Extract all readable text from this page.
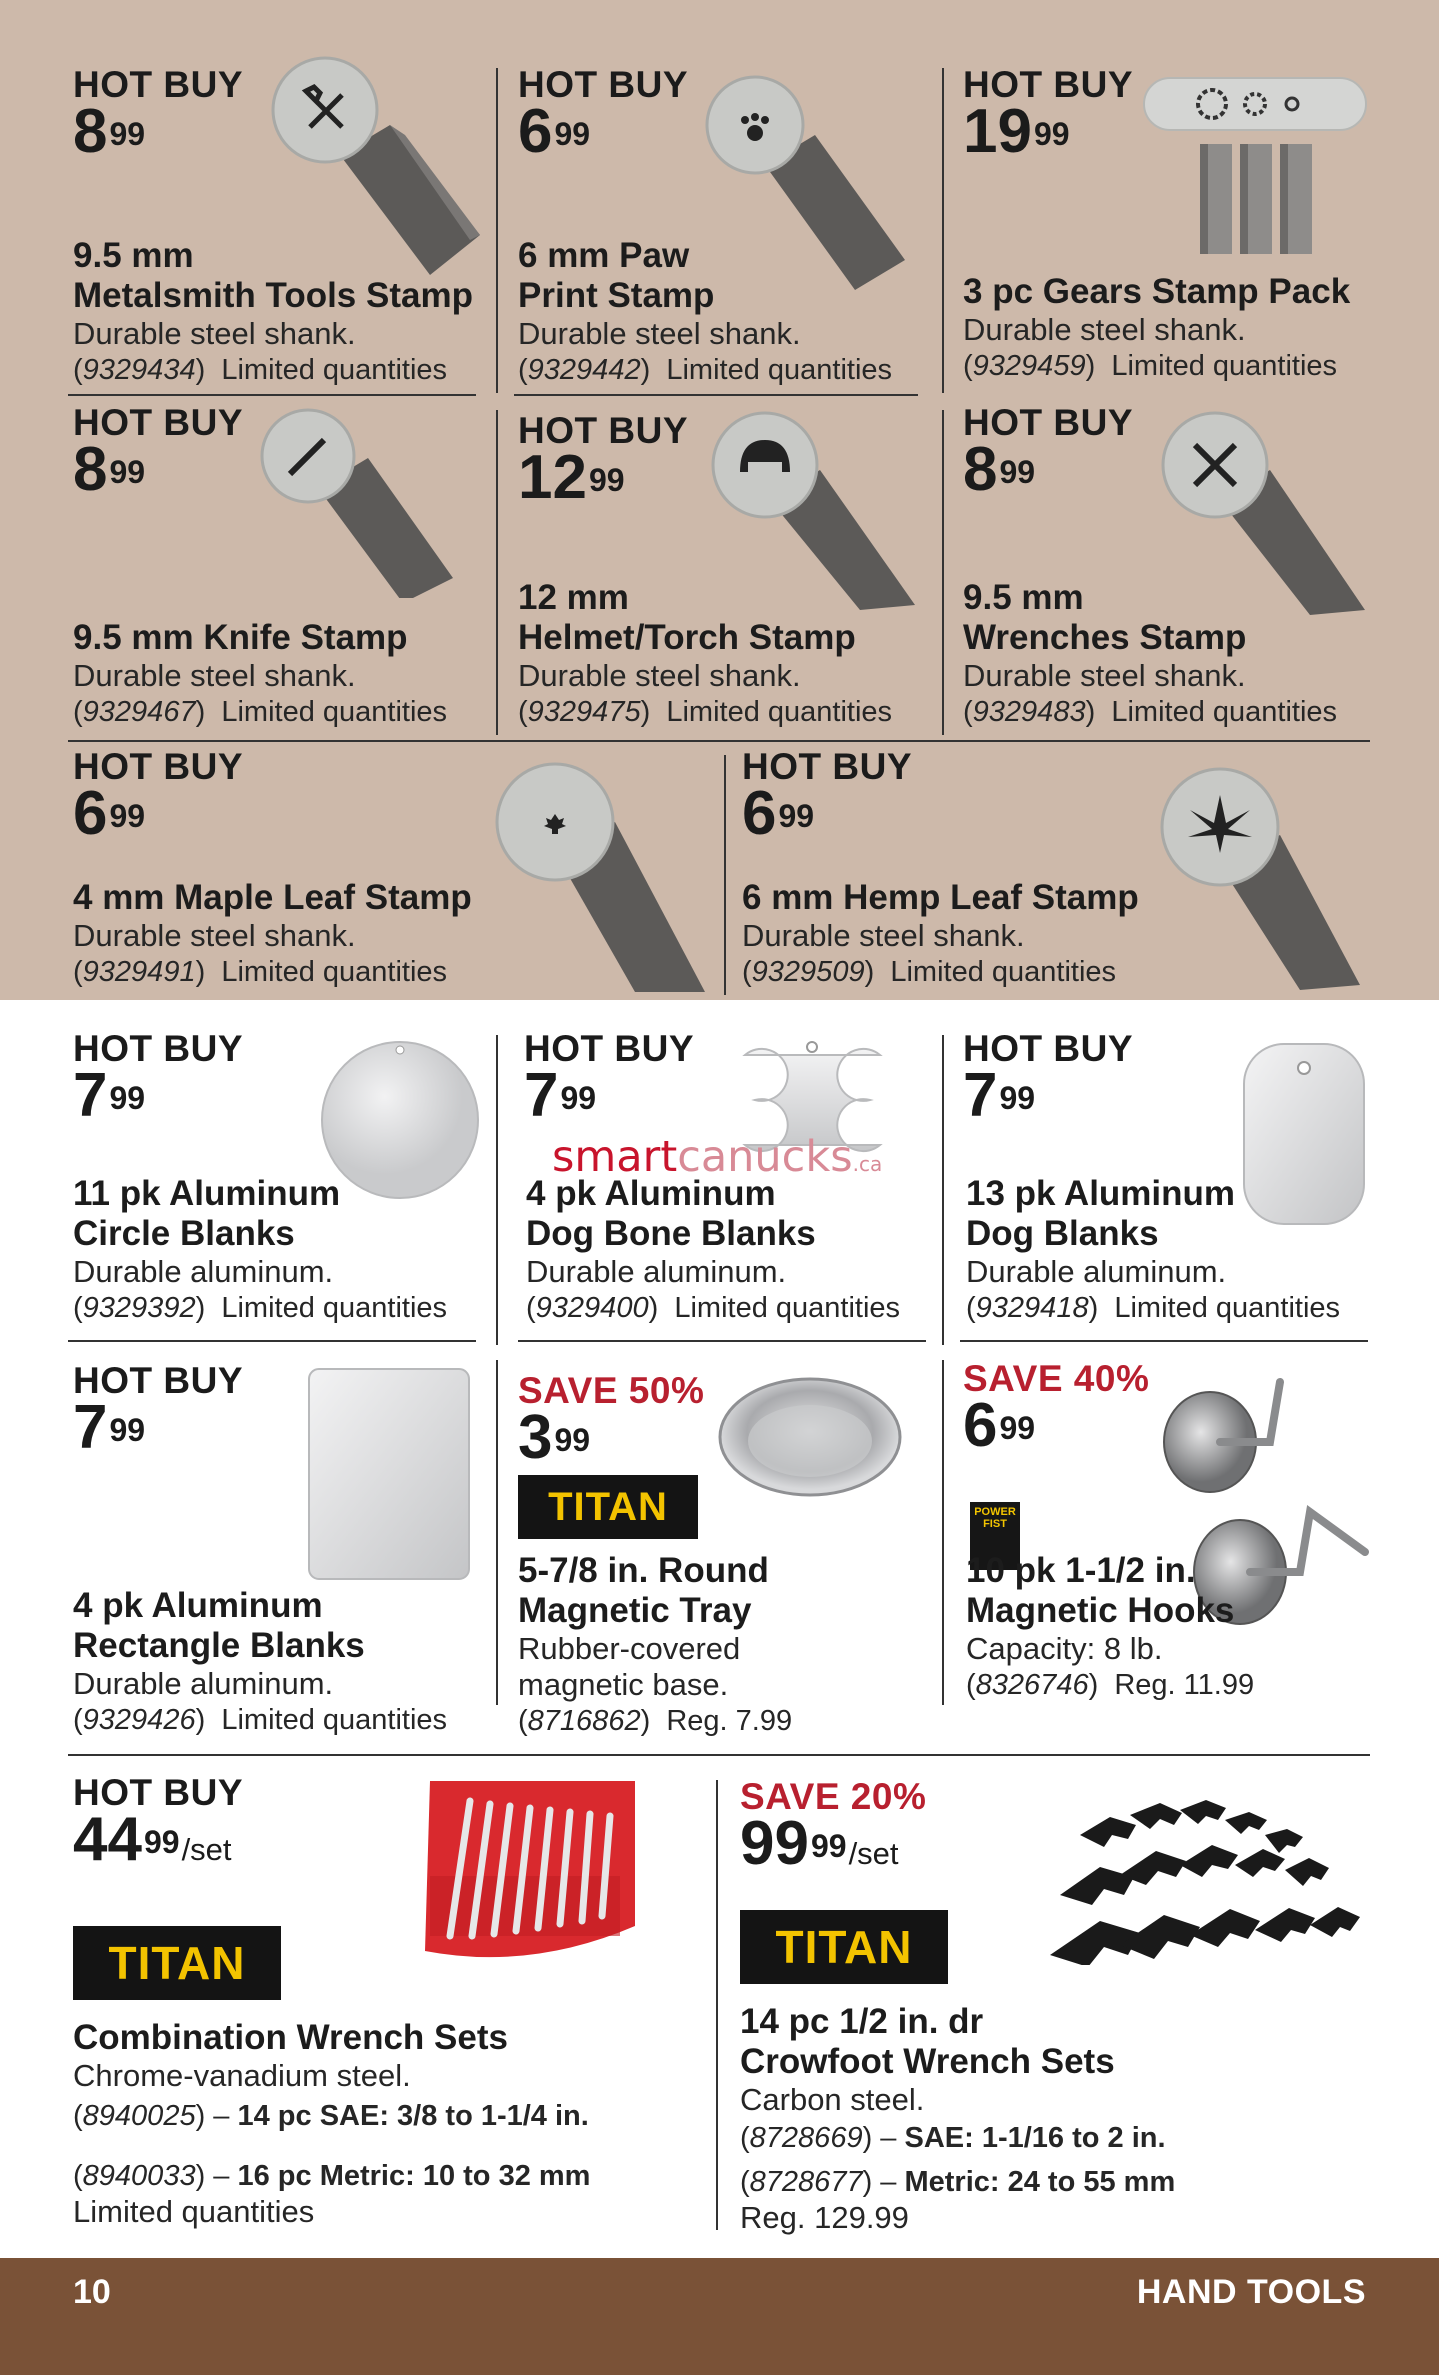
HOT BUY
$8^{99}$
9.5 mm
Metalsmith Tools Stamp
Durable steel shank.
(9329434)  Limited quantities
HOT BUY
$6^{99}$
6 mm Paw
Print Stamp
Durable steel shank.
(9329442)  Limited quantities
HOT BUY
$19^{99}$
3 pc Gears Stamp Pack
Durable steel shank.
(9329459)  Limited quantities
HOT BUY
$8^{99}$
9.5 mm Knife Stamp
Durable steel shank.
(9329467)  Limited quantities
HOT BUY
$12^{99}$
12 mm
Helmet/Torch Stamp
Durable steel shank.
(9329475)  Limited quantities
HOT BUY
$8^{99}$
9.5 mm
Wrenches Stamp
Durable steel shank.
(9329483)  Limited quantities
HOT BUY
$6^{99}$
4 mm Maple Leaf Stamp
Durable steel shank.
(9329491)  Limited quantities
HOT BUY
$6^{99}$
6 mm Hemp Leaf Stamp
Durable steel shank.
(9329509)  Limited quantities
HOT BUY
$7^{99}$
11 pk Aluminum
Circle Blanks
Durable aluminum.
(9329392)  Limited quantities
HOT BUY
$7^{99}$
smartcanucks.ca
4 pk Aluminum
Dog Bone Blanks
Durable aluminum.
(9329400)  Limited quantities
HOT BUY
$7^{99}$
13 pk Aluminum
Dog Blanks
Durable aluminum.
(9329418)  Limited quantities
HOT BUY
$7^{99}$
4 pk Aluminum
Rectangle Blanks
Durable aluminum.
(9329426)  Limited quantities
SAVE 50%
$3^{99}$
TITAN
5-7/8 in. Round
Magnetic Tray
Rubber-covered
magnetic base.
(8716862)  Reg. 7.99
SAVE 40%
$6^{99}$
POWER FIST
10 pk 1-1/2 in.
Magnetic Hooks
Capacity: 8 lb.
(8326746)  Reg. 11.99
HOT BUY
$44^{99}$/set
TITAN
Combination Wrench Sets
Chrome-vanadium steel.
(8940025) – 14 pc SAE: 3/8 to 1-1/4 in.
(8940033) – 16 pc Metric: 10 to 32 mm
Limited quantities
SAVE 20%
$99^{99}$/set
TITAN
14 pc 1/2 in. dr
Crowfoot Wrench Sets
Carbon steel.
(8728669) – SAE: 1-1/16 to 2 in.
(8728677) – Metric: 24 to 55 mm
Reg. 129.99
10	HAND TOOLS
